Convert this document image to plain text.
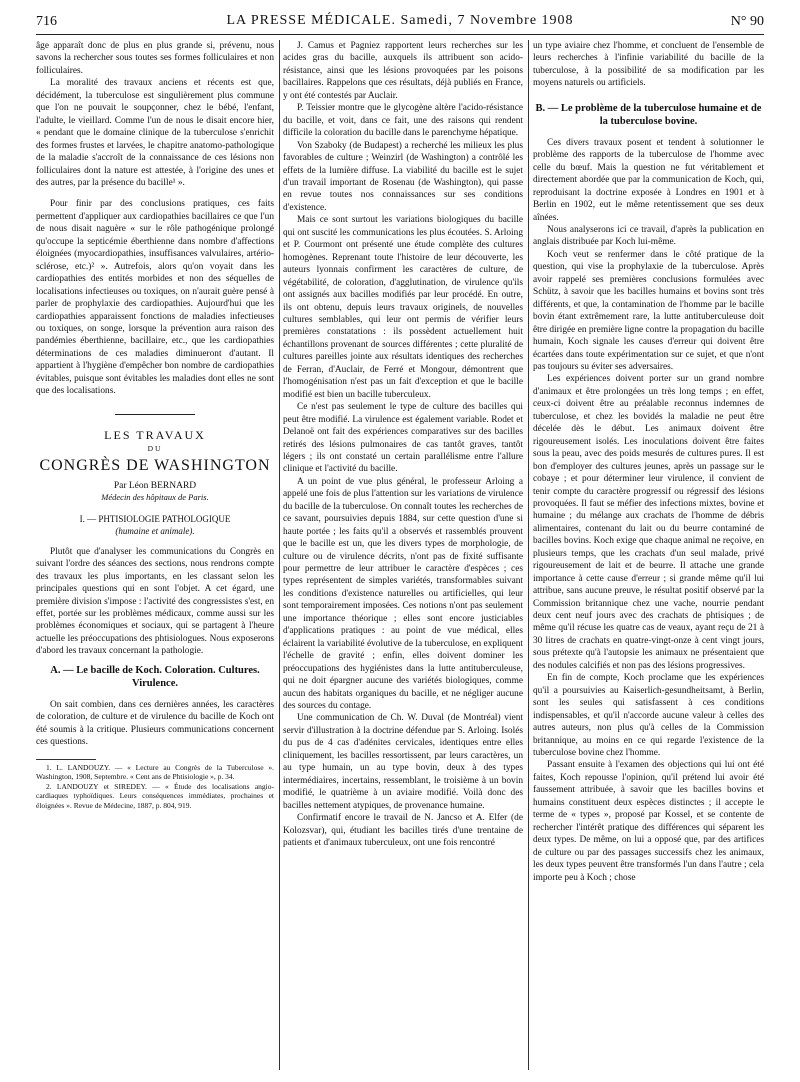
716	LA PRESSE MÉDICALE. Samedi, 7 Novembre 1908	N° 90

âge apparaît donc de plus en plus grande si, prévenu, nous savons la rechercher sous toutes ses formes folliculaires et non folliculaires.

La moralité des travaux anciens et récents est que, décidément, la tuberculose est singulièrement plus commune que l'on ne pouvait le soupçonner, chez le bébé, l'enfant, l'adulte, le vieillard. Comme l'un de nous le disait encore hier, « pendant que le domaine clinique de la tuberculose s'enrichit des formes frustes et larvées, le chapitre anatomo-pathologique de la maladie s'accroît de la connaissance de ces lésions non folliculaires dont la nature est attestée, à l'origine des unes et des autres, par la présence du bacille¹ ».

Pour finir par des conclusions pratiques, ces faits permettent d'appliquer aux cardiopathies bacillaires ce que l'un de nous disait naguère « sur le rôle pathogénique prolongé qu'occupe la septicémie éberthienne dans nombre d'affections éloignées (myocardiopathies, insuffisances valvulaires, artério-sclérose, etc.)² ». Autrefois, alors qu'on voyait dans les cardiopathies des entités morbides et non des séquelles de localisations infectieuses ou toxiques, on n'aurait guère pensé à parler de prophylaxie des cardiopathies. Aujourd'hui que les cardiopathies apparaissent fonctions de maladies infectieuses ou toxiques, on songe, lorsque la prévention aura raison des pandémies éberthienne, bacillaire, etc., que les cardiopathies déterminations de ces maladies diminueront d'autant. Il appartient à l'hygiène d'empêcher bon nombre de cardiopathies évitables, puisque sont évitables les maladies dont elles ne sont que des localisations.

LES TRAVAUX
DU
CONGRÈS DE WASHINGTON
Par Léon BERNARD
Médecin des hôpitaux de Paris.
I. — PHTISIOLOGIE PATHOLOGIQUE
(humaine et animale).

Plutôt que d'analyser les communications du Congrès en suivant l'ordre des séances des sections, nous rendrons compte des travaux les plus importants, en les classant selon les principales questions qui en sont l'objet. A cet égard, une première division s'impose : l'activité des congressistes s'est, en effet, portée sur les problèmes médicaux, comme aussi sur les problèmes économiques et sociaux, qui se partagent à l'heure actuelle les préoccupations des phtisiologues. Nous exposerons d'abord les travaux concernant la pathologie.

A. — Le bacille de Koch. Coloration. Cultures. Virulence.

On sait combien, dans ces dernières années, les caractères de coloration, de culture et de virulence du bacille de Koch ont été soumis à la critique. Plusieurs communications concernent ces questions.

1. L. LANDOUZY. — « Lecture au Congrès de la Tuberculose ». Washington, 1908, Septembre. « Cent ans de Phtisiologie », p. 34.

2. LANDOUZY et SIREDEY. — « Étude des localisations angio-cardiaques typhoïdiques. Leurs conséquences immédiates, prochaines et éloignées ». Revue de Médecine, 1887, p. 804, 919.

J. Camus et Pagniez rapportent leurs recherches sur les acides gras du bacille, auxquels ils attribuent son acido-résistance, ainsi que les lésions provoquées par les poisons bacillaires. Rappelons que ces résultats, déjà publiés en France, y ont été contestés par Auclair.

P. Teissier montre que le glycogène altère l'acido-résistance du bacille, et voit, dans ce fait, une des raisons qui rendent difficile la coloration du bacille dans le parenchyme hépatique.

Von Szaboky (de Budapest) a recherché les milieux les plus favorables de culture ; Weinzirl (de Washington) a contrôlé les effets de la lumière diffuse. La viabilité du bacille est le sujet d'un travail important de Rosenau (de Washington), qui passe en revue toutes nos connaissances sur ses conditions d'existence.

Mais ce sont surtout les variations biologiques du bacille qui ont suscité les communications les plus écoutées. S. Arloing et P. Courmont ont présenté une étude complète des cultures homogènes. Reprenant toute l'histoire de leur découverte, les auteurs lyonnais confirment les caractères de culture, de végétabilité, de coloration, d'agglutination, de virulence qu'ils ont assignés aux bacilles modifiés par leur procédé. En outre, ils ont obtenu, depuis leurs travaux originels, de nouvelles cultures semblables, qui leur ont permis de vérifier leurs premières constatations : ils possèdent actuellement huit échantillons provenant de sources différentes ; cette pluralité de cultures pareilles jointe aux résultats identiques des recherches de Ferran, d'Auclair, de Ferré et Mongour, démontrent que l'homogénisation n'est pas un fait d'exception et que le bacille modifié est bien un bacille tuberculeux.

Ce n'est pas seulement le type de culture des bacilles qui peut être modifié. La virulence est également variable. Rodet et Delanoë ont fait des expériences comparatives sur des bacilles retirés des lésions pulmonaires de cas tantôt graves, tantôt légers ; ils ont constaté un certain parallélisme entre l'allure clinique et l'activité du bacille.

A un point de vue plus général, le professeur Arloing a appelé une fois de plus l'attention sur les variations de virulence du bacille de la tuberculose. On connaît toutes les recherches de ce savant, poursuivies depuis 1884, sur cette question d'une si haute portée ; les faits qu'il a observés et rassemblés prouvent que le bacille est un, que les divers types de morphologie, de culture ou de virulence décrits, n'ont pas de fixité suffisante pour permettre de leur attribuer le caractère d'espèces ; ces types représentent de simples variétés, transformables suivant les conditions d'existence naturelles ou artificielles, qui leur sont temporairement imposées. Ces notions n'ont pas seulement une importance théorique ; elles sont encore justiciables d'applications pratiques : au point de vue médical, elles éclairent la variabilité évolutive de la tuberculose, en expliquent l'échelle de gravité ; enfin, elles doivent dominer les préoccupations des hygiénistes dans la lutte antituberculeuse, qui ne doit épargner aucune des variétés biologiques, comme aucun des habitats organiques du bacille, et ne négliger aucune des sources du contage.

Une communication de Ch. W. Duval (de Montréal) vient servir d'illustration à la doctrine défendue par S. Arloing. Isolés du pus de 4 cas d'adénites cervicales, identiques entre elles cliniquement, les bacilles ressortissent, par leurs caractères, un au type humain, un au type bovin, deux à des types intermédiaires, incertains, ressemblant, le troisième à un bovin modifié, le quatrième à un aviaire modifié. Voilà donc des bacilles nettement atypiques, de provenance humaine.

Confirmatif encore le travail de N. Jancso et A. Elfer (de Kolozsvar), qui, étudiant les bacilles tirés d'une trentaine de patients et d'animaux tuberculeux, ont une fois rencontré

un type aviaire chez l'homme, et concluent de l'ensemble de leurs recherches à l'infinie variabilité du bacille de la tuberculose, à la possibilité de sa modification par les moyens naturels ou artificiels.

B. — Le problème de la tuberculose humaine et de la tuberculose bovine.

Ces divers travaux posent et tendent à solutionner le problème des rapports de la tuberculose de l'homme avec celle du bœuf. Mais la question ne fut véritablement et directement abordée que par la communication de Koch, qui, reproduisant la doctrine exposée à Londres en 1901 et à Berlin en 1902, eut le même retentissement que ses deux aînées.

Nous analyserons ici ce travail, d'après la publication en anglais distribuée par Koch lui-même.

Koch veut se renfermer dans le côté pratique de la question, qui vise la prophylaxie de la tuberculose. Après avoir rappelé ses premières conclusions formulées avec Schütz, à savoir que les bacilles humains et bovins sont très différents, et que, la contamination de l'homme par le bacille bovin étant extrêmement rare, la lutte antituberculeuse doit être dirigée en première ligne contre la propagation du bacille humain, Koch signale les causes d'erreur qui doivent être écartées dans toute expérimentation sur ce sujet, et que n'ont pas toujours su éviter ses adversaires.

Les expériences doivent porter sur un grand nombre d'animaux et être prolongées un très long temps ; en effet, ceux-ci doivent être au préalable reconnus indemnes de tuberculose, et chez les bovidés la maladie ne peut être décelée dès le début. Les animaux doivent être rigoureusement isolés. Les inoculations doivent être faites sous la peau, avec des poids mesurés de cultures pures. Il est bon d'employer des cultures jeunes, après un passage sur le cobaye ; et pour déterminer leur virulence, il convient de tenir compte du caractère progressif ou régressif des lésions provoquées. Il faut se méfier des infections mixtes, bovine et humaine ; du mélange aux crachats de l'homme de débris alimentaires, contenant du lait ou du beurre contaminé de bacilles bovins. Koch exige que chaque animal ne reçoive, en plusieurs temps, que les crachats d'un seul malade, privé rigoureusement de lait et de beurre. Il attache une grande importance à cette cause d'erreur ; si grande même qu'il lui attribue, sans aucune preuve, le résultat positif observé par la Commission britannique chez une vache, nourrie pendant deux cent neuf jours avec des crachats de phtisiques ; de même qu'il récuse les quatre cas de veaux, ayant reçu de 21 à 30 litres de crachats en quatre-vingt-onze à cent vingt jours, sous prétexte qu'à l'autopsie les animaux ne présentaient que des nodules calcifiés et non pas des lésions progressives.

En fin de compte, Koch proclame que les expériences qu'il a poursuivies au Kaiserlich-gesundheitsamt, à Berlin, sont les seules qui satisfassent à ces conditions indispensables, et qu'il n'accorde aucune valeur à celles des autres auteurs, non plus qu'à celles de la Commission britannique, au moins en ce qui regarde l'existence de la tuberculose bovine chez l'homme.

Passant ensuite à l'examen des objections qui lui ont été faites, Koch repousse l'opinion, qu'il prétend lui avoir été faussement attribuée, à savoir que les bacilles bovins et humains constituent deux espèces distinctes ; il accepte le terme de « types », proposé par Kossel, et se contente de rechercher l'intérêt pratique des différences qui séparent les deux types. De même, on lui a opposé que, par des artifices de culture ou par des passages successifs chez les animaux, les deux types peuvent être transformés l'un dans l'autre ; cela importe peu à Koch ; chose
